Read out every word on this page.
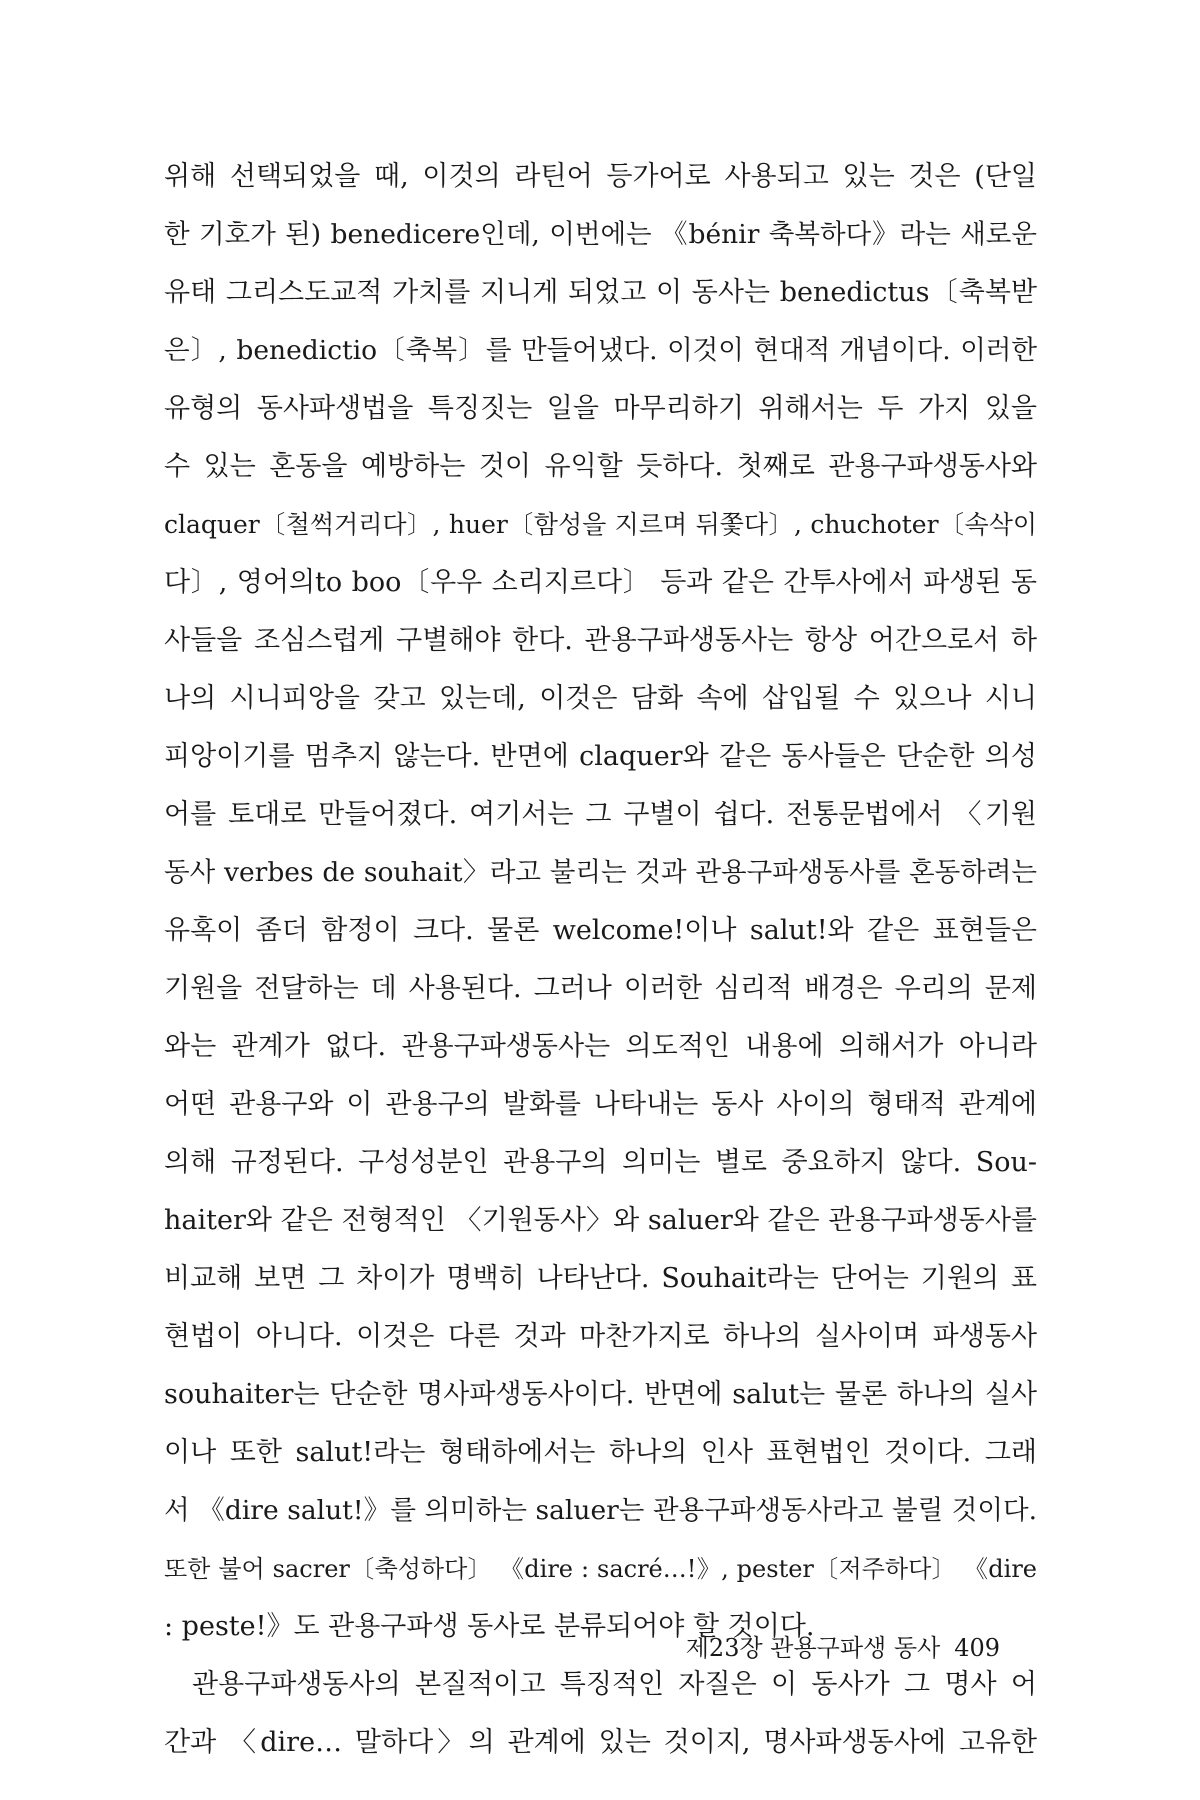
위해 선택되었을 때, 이것의 라틴어 등가어로 사용되고 있는 것은 (단일
한 기호가 된) benedicere인데, 이번에는 《bénir 축복하다》라는 새로운
유태 그리스도교적 가치를 지니게 되었고 이 동사는 benedictus〔축복받
은〕, benedictio〔축복〕를 만들어냈다. 이것이 현대적 개념이다. 이러한
유형의 동사파생법을 특징짓는 일을 마무리하기 위해서는 두 가지 있을
수 있는 혼동을 예방하는 것이 유익할 듯하다. 첫째로 관용구파생동사와
claquer〔철썩거리다〕, huer〔함성을 지르며 뒤쫓다〕, chuchoter〔속삭이
다〕, 영어의to boo〔우우 소리지르다〕 등과 같은 간투사에서 파생된 동
사들을 조심스럽게 구별해야 한다. 관용구파생동사는 항상 어간으로서 하
나의 시니피앙을 갖고 있는데, 이것은 담화 속에 삽입될 수 있으나 시니
피앙이기를 멈추지 않는다. 반면에 claquer와 같은 동사들은 단순한 의성
어를 토대로 만들어졌다. 여기서는 그 구별이 쉽다. 전통문법에서 〈기원
동사 verbes de souhait〉라고 불리는 것과 관용구파생동사를 혼동하려는
유혹이 좀더 함정이 크다. 물론 welcome!이나 salut!와 같은 표현들은
기원을 전달하는 데 사용된다. 그러나 이러한 심리적 배경은 우리의 문제
와는 관계가 없다. 관용구파생동사는 의도적인 내용에 의해서가 아니라
어떤 관용구와 이 관용구의 발화를 나타내는 동사 사이의 형태적 관계에
의해 규정된다. 구성성분인 관용구의 의미는 별로 중요하지 않다. Sou-
haiter와 같은 전형적인 〈기원동사〉와 saluer와 같은 관용구파생동사를
비교해 보면 그 차이가 명백히 나타난다. Souhait라는 단어는 기원의 표
현법이 아니다. 이것은 다른 것과 마찬가지로 하나의 실사이며 파생동사
souhaiter는 단순한 명사파생동사이다. 반면에 salut는 물론 하나의 실사
이나 또한 salut!라는 형태하에서는 하나의 인사 표현법인 것이다. 그래
서 《dire salut!》를 의미하는 saluer는 관용구파생동사라고 불릴 것이다.
또한 불어 sacrer〔축성하다〕 《dire : sacré…!》, pester〔저주하다〕 《dire
: peste!》도 관용구파생 동사로 분류되어야 할 것이다.
관용구파생동사의 본질적이고 특징적인 자질은 이 동사가 그 명사 어
간과 〈dire… 말하다〉의 관계에 있는 것이지, 명사파생동사에 고유한
제23장 관용구파생 동사 409
